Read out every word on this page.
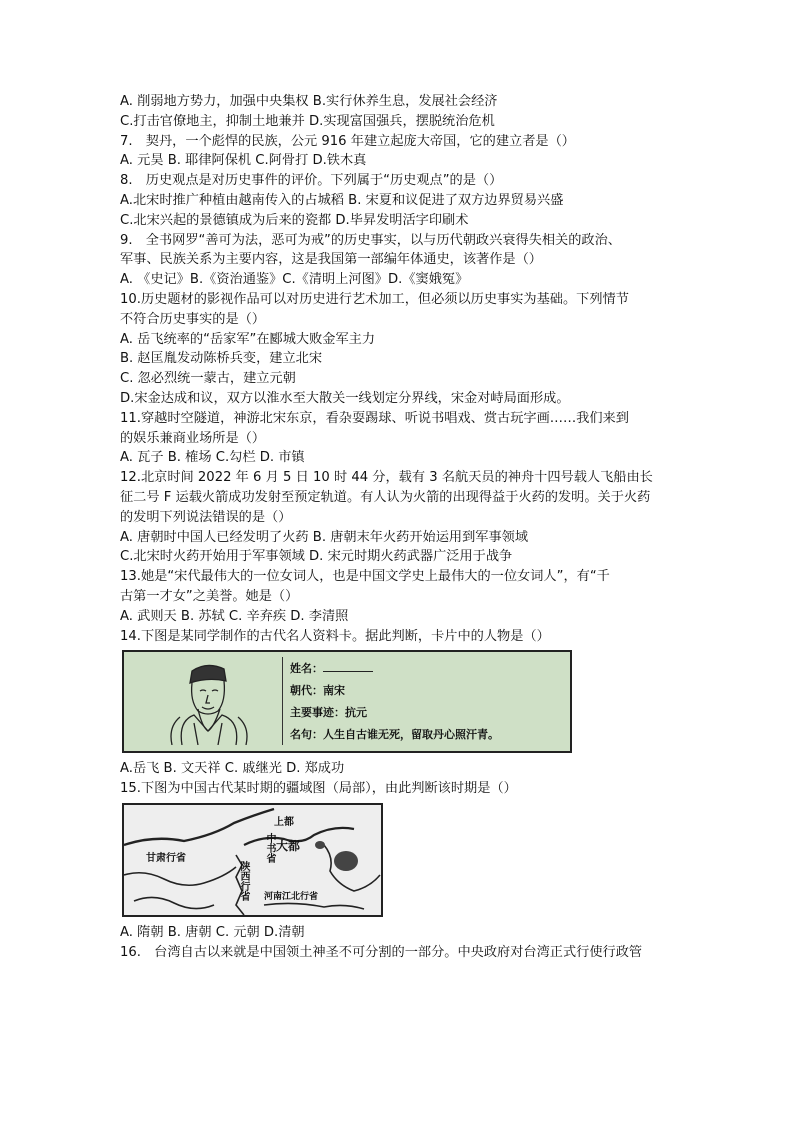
A. 削弱地方势力，加强中央集权 B.实行休养生息，发展社会经济
C.打击官僚地主，抑制土地兼并 D.实现富国强兵，摆脱统治危机
7.　契丹，一个彪悍的民族，公元 916 年建立起庞大帝国，它的建立者是（）
A. 元昊 B. 耶律阿保机 C.阿骨打 D.铁木真
8.　历史观点是对历史事件的评价。下列属于“历史观点”的是（）
A.北宋时推广种植由越南传入的占城稻 B. 宋夏和议促进了双方边界贸易兴盛
C.北宋兴起的景德镇成为后来的瓷都 D.毕昇发明活字印刷术
9.　全书网罗“善可为法，恶可为戒”的历史事实，以与历代朝政兴衰得失相关的政治、
军事、民族关系为主要内容，这是我国第一部编年体通史，该著作是（）
A. 《史记》B.《资治通鉴》C.《清明上河图》D.《窦娥冤》
10.历史题材的影视作品可以对历史进行艺术加工，但必须以历史事实为基础。下列情节
不符合历史事实的是（）
A. 岳飞统率的“岳家军”在郾城大败金军主力
B. 赵匡胤发动陈桥兵变，建立北宋
C. 忽必烈统一蒙古，建立元朝
D.宋金达成和议，双方以淮水至大散关一线划定分界线，宋金对峙局面形成。
11.穿越时空隧道，神游北宋东京，看杂耍踢球、听说书唱戏、赏古玩字画……我们来到
的娱乐兼商业场所是（）
A. 瓦子 B. 榷场 C.勾栏 D. 市镇
12.北京时间 2022 年 6 月 5 日 10 时 44 分，载有 3 名航天员的神舟十四号载人飞船由长
征二号 F 运载火箭成功发射至预定轨道。有人认为火箭的出现得益于火药的发明。关于火药
的发明下列说法错误的是（）
A. 唐朝时中国人已经发明了火药 B. 唐朝末年火药开始运用到军事领域
C.北宋时火药开始用于军事领域 D. 宋元时期火药武器广泛用于战争
13.她是“宋代最伟大的一位女词人，也是中国文学史上最伟大的一位女词人”，有“千
古第一才女”之美誉。她是（）
A. 武则天 B. 苏轼 C. 辛弃疾 D. 李清照
14.下图是某同学制作的古代名人资料卡。据此判断，卡片中的人物是（）
姓名：
朝代：南宋
主要事迹：抗元
名句：人生自古谁无死，留取丹心照汗青。
A.岳飞 B. 文天祥 C. 戚继光 D. 郑成功
15.下图为中国古代某时期的疆域图（局部），由此判断该时期是（）
甘肃行省
陕西行省
中书省 大都
上都
河南江北行省
A. 隋朝 B. 唐朝 C. 元朝 D.清朝
16.　台湾自古以来就是中国领土神圣不可分割的一部分。中央政府对台湾正式行使行政管
